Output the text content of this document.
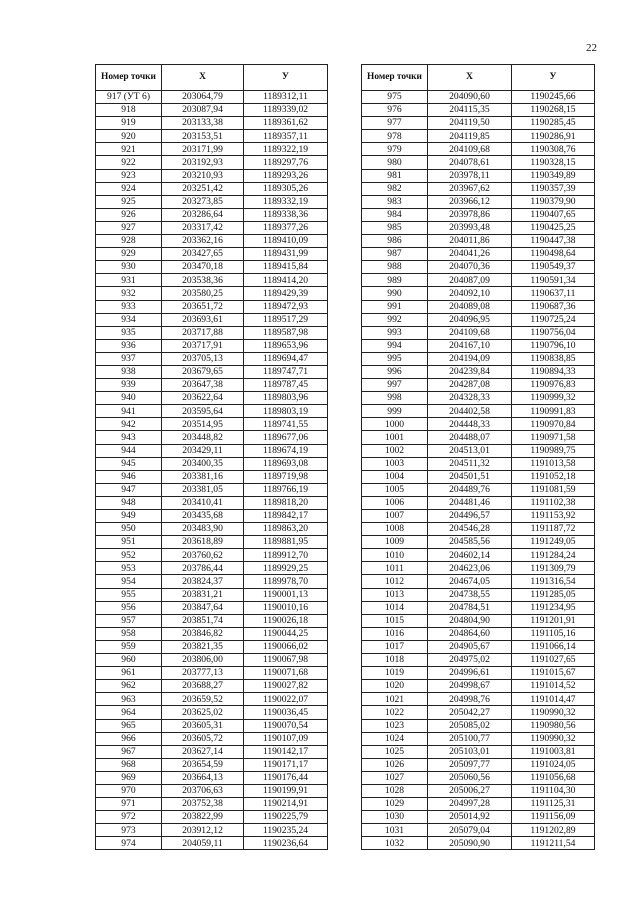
22
Номер точки	X	У
917 (УТ 6)	203064,79	1189312,11
918	203087,94	1189339,02
919	203133,38	1189361,62
920	203153,51	1189357,11
921	203171,99	1189322,19
922	203192,93	1189297,76
923	203210,93	1189293,26
924	203251,42	1189305,26
925	203273,85	1189332,19
926	203286,64	1189338,36
927	203317,42	1189377,26
928	203362,16	1189410,09
929	203427,65	1189431,99
930	203470,18	1189415,84
931	203538,36	1189414,20
932	203580,25	1189429,39
933	203651,72	1189472,93
934	203693,61	1189517,29
935	203717,88	1189587,98
936	203717,91	1189653,96
937	203705,13	1189694,47
938	203679,65	1189747,71
939	203647,38	1189787,45
940	203622,64	1189803,96
941	203595,64	1189803,19
942	203514,95	1189741,55
943	203448,82	1189677,06
944	203429,11	1189674,19
945	203400,35	1189693,08
946	203381,16	1189719,98
947	203381,05	1189766,19
948	203410,41	1189818,20
949	203435,68	1189842,17
950	203483,90	1189863,20
951	203618,89	1189881,95
952	203760,62	1189912,70
953	203786,44	1189929,25
954	203824,37	1189978,70
955	203831,21	1190001,13
956	203847,64	1190010,16
957	203851,74	1190026,18
958	203846,82	1190044,25
959	203821,35	1190066,02
960	203806,00	1190067,98
961	203777,13	1190071,68
962	203688,27	1190027,82
963	203659,52	1190022,07
964	203625,02	1190036,45
965	203605,31	1190070,54
966	203605,72	1190107,09
967	203627,14	1190142,17
968	203654,59	1190171,17
969	203664,13	1190176,44
970	203706,63	1190199,91
971	203752,38	1190214,91
972	203822,99	1190225,79
973	203912,12	1190235,24
974	204059,11	1190236,64
Номер точки	X	У
975	204090,60	1190245,66
976	204115,35	1190268,15
977	204119,50	1190285,45
978	204119,85	1190286,91
979	204109,68	1190308,76
980	204078,61	1190328,15
981	203978,11	1190349,89
982	203967,62	1190357,39
983	203966,12	1190379,90
984	203978,86	1190407,65
985	203993,48	1190425,25
986	204011,86	1190447,38
987	204041,26	1190498,64
988	204070,36	1190549,37
989	204087,09	1190591,34
990	204092,10	1190637,11
991	204089,08	1190687,36
992	204096,95	1190725,24
993	204109,68	1190756,04
994	204167,10	1190796,10
995	204194,09	1190838,85
996	204239,84	1190894,33
997	204287,08	1190976,83
998	204328,33	1190999,32
999	204402,58	1190991,83
1000	204448,33	1190970,84
1001	204488,07	1190971,58
1002	204513,01	1190989,75
1003	204511,32	1191013,58
1004	204501,51	1191052,18
1005	204489,76	1191081,59
1006	204481,46	1191102,38
1007	204496,57	1191153,92
1008	204546,28	1191187,72
1009	204585,56	1191249,05
1010	204602,14	1191284,24
1011	204623,06	1191309,79
1012	204674,05	1191316,54
1013	204738,55	1191285,05
1014	204784,51	1191234,95
1015	204804,90	1191201,91
1016	204864,60	1191105,16
1017	204905,67	1191066,14
1018	204975,02	1191027,65
1019	204996,61	1191015,67
1020	204998,67	1191014,52
1021	204998,76	1191014,47
1022	205042,27	1190990,32
1023	205085,02	1190980,56
1024	205100,77	1190990,32
1025	205103,01	1191003,81
1026	205097,77	1191024,05
1027	205060,56	1191056,68
1028	205006,27	1191104,30
1029	204997,28	1191125,31
1030	205014,92	1191156,09
1031	205079,04	1191202,89
1032	205090,90	1191211,54
